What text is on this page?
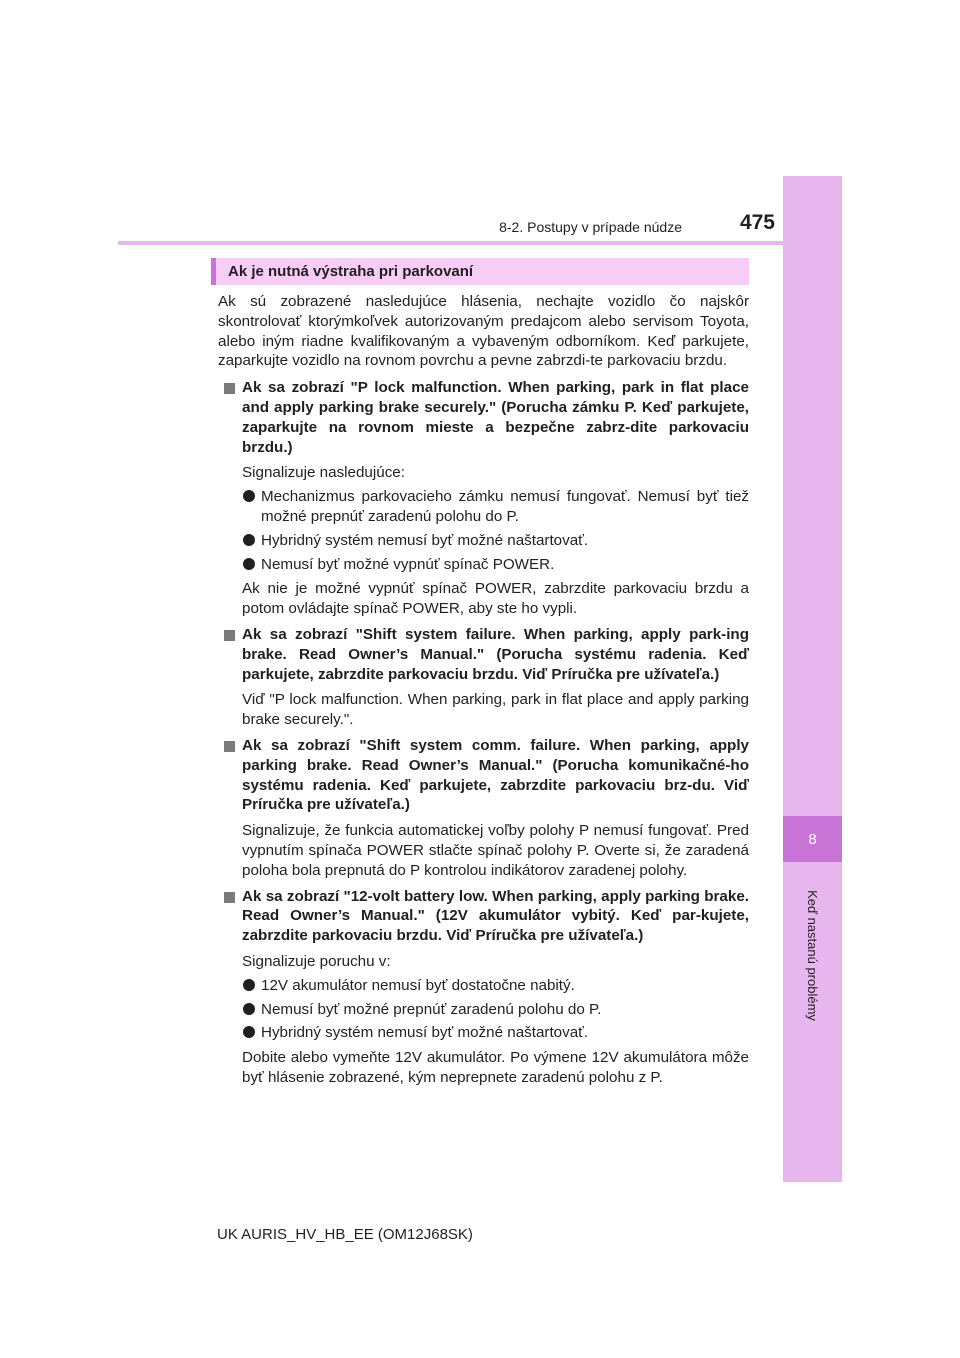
8
Keď nastanú problémy
8-2. Postupy v prípade núdze	475
Ak je nutná výstraha pri parkovaní

Ak sú zobrazené nasledujúce hlásenia, nechajte vozidlo čo najskôr skontrolovať ktorýmkoľvek autorizovaným predajcom alebo servisom Toyota, alebo iným riadne kvalifikovaným a vybaveným odborníkom. Keď parkujete, zaparkujte vozidlo na rovnom povrchu a pevne zabrzdi-te parkovaciu brzdu.

Ak sa zobrazí "P lock malfunction. When parking, park in flat place and apply parking brake securely." (Porucha zámku P. Keď parkujete, zaparkujte na rovnom mieste a bezpečne zabrz-dite parkovaciu brzdu.)

Signalizuje nasledujúce:

Mechanizmus parkovacieho zámku nemusí fungovať. Nemusí byť tiež možné prepnúť zaradenú polohu do P.
Hybridný systém nemusí byť možné naštartovať.
Nemusí byť možné vypnúť spínač POWER.

Ak nie je možné vypnúť spínač POWER, zabrzdite parkovaciu brzdu a potom ovládajte spínač POWER, aby ste ho vypli.

Ak sa zobrazí "Shift system failure. When parking, apply park-ing brake. Read Owner’s Manual." (Porucha systému radenia. Keď parkujete, zabrzdite parkovaciu brzdu. Viď Príručka pre užívateľa.)

Viď "P lock malfunction. When parking, park in flat place and apply parking brake securely.".

Ak sa zobrazí "Shift system comm. failure. When parking, apply parking brake. Read Owner’s Manual." (Porucha komunikačné-ho systému radenia. Keď parkujete, zabrzdite parkovaciu brz-du. Viď Príručka pre užívateľa.)

Signalizuje, že funkcia automatickej voľby polohy P nemusí fungovať. Pred vypnutím spínača POWER stlačte spínač polohy P. Overte si, že zaradená poloha bola prepnutá do P kontrolou indikátorov zaradenej polohy.

Ak sa zobrazí "12-volt battery low. When parking, apply parking brake. Read Owner’s Manual." (12V akumulátor vybitý. Keď par-kujete, zabrzdite parkovaciu brzdu. Viď Príručka pre užívateľa.)

Signalizuje poruchu v:

12V akumulátor nemusí byť dostatočne nabitý.
Nemusí byť možné prepnúť zaradenú polohu do P.
Hybridný systém nemusí byť možné naštartovať.

Dobite alebo vymeňte 12V akumulátor. Po výmene 12V akumulátora môže byť hlásenie zobrazené, kým neprepnete zaradenú polohu z P.

UK AURIS_HV_HB_EE (OM12J68SK)
